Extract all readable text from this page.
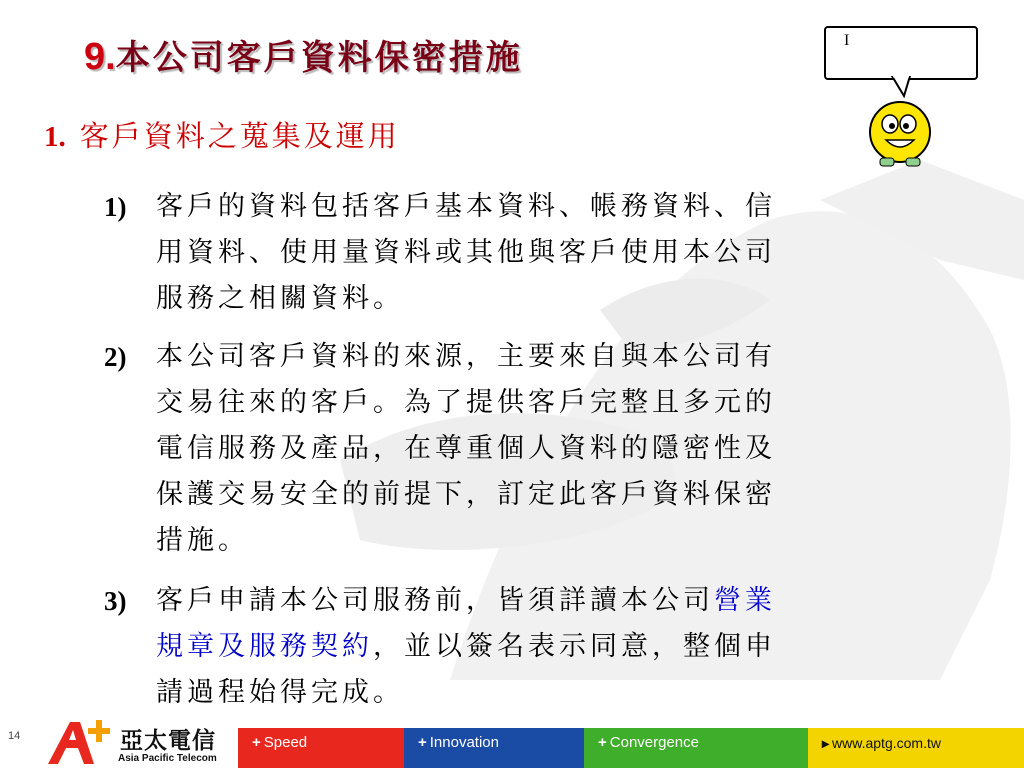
9.本公司客戶資料保密措施
1. 客戶資料之蒐集及運用
1)	客戶的資料包括客戶基本資料、帳務資料、信
用資料、使用量資料或其他與客戶使用本公司
服務之相關資料。
2)	本公司客戶資料的來源，主要來自與本公司有
交易往來的客戶。為了提供客戶完整且多元的
電信服務及產品，在尊重個人資料的隱密性及
保護交易安全的前提下，訂定此客戶資料保密
措施。
3)	客戶申請本公司服務前，皆須詳讀本公司營業
規章及服務契約，並以簽名表示同意，整個申
請過程始得完成。
I
14	亞太電信
Asia Pacific Telecom
+ Speed	+ Innovation	+ Convergence	▸ www.aptg.com.tw
